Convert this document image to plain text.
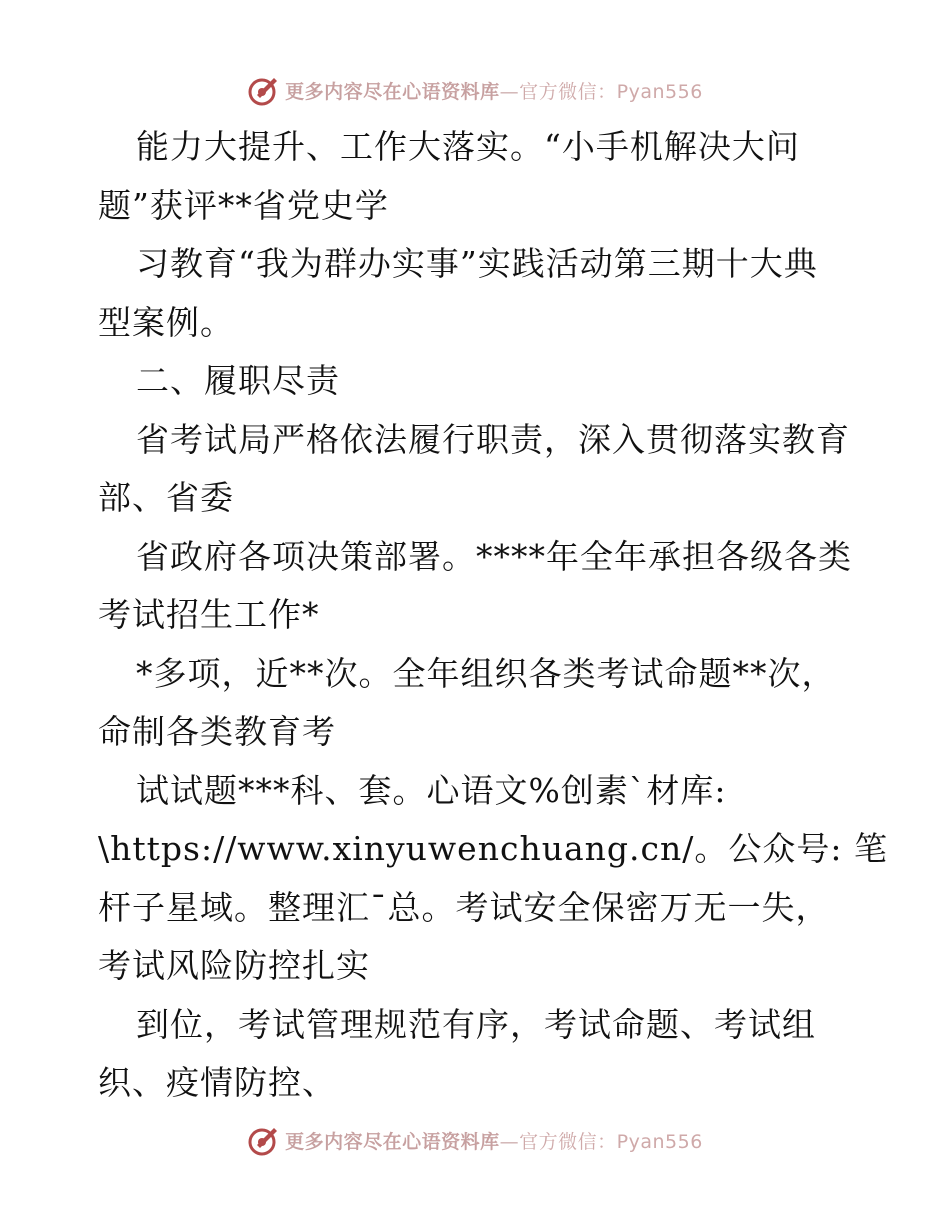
更多内容尽在心语资料库—官方微信：Pyan556
能力大提升、工作大落实。“小手机解决大问
题”获评**省党史学
习教育“我为群办实事”实践活动第三期十大典
型案例。
二、履职尽责
省考试局严格依法履行职责，深入贯彻落实教育
部、省委
省政府各项决策部署。****年全年承担各级各类
考试招生工作*
*多项，近**次。全年组织各类考试命题**次，
命制各类教育考
试试题***科、套。心语文%创素`材库:
\https://www.xinyuwenchuang.cn/。公众号: 笔
杆子星域。整理汇¯总。考试安全保密万无一失，
考试风险防控扎实
到位，考试管理规范有序，考试命题、考试组
织、疫情防控、
更多内容尽在心语资料库—官方微信：Pyan556
